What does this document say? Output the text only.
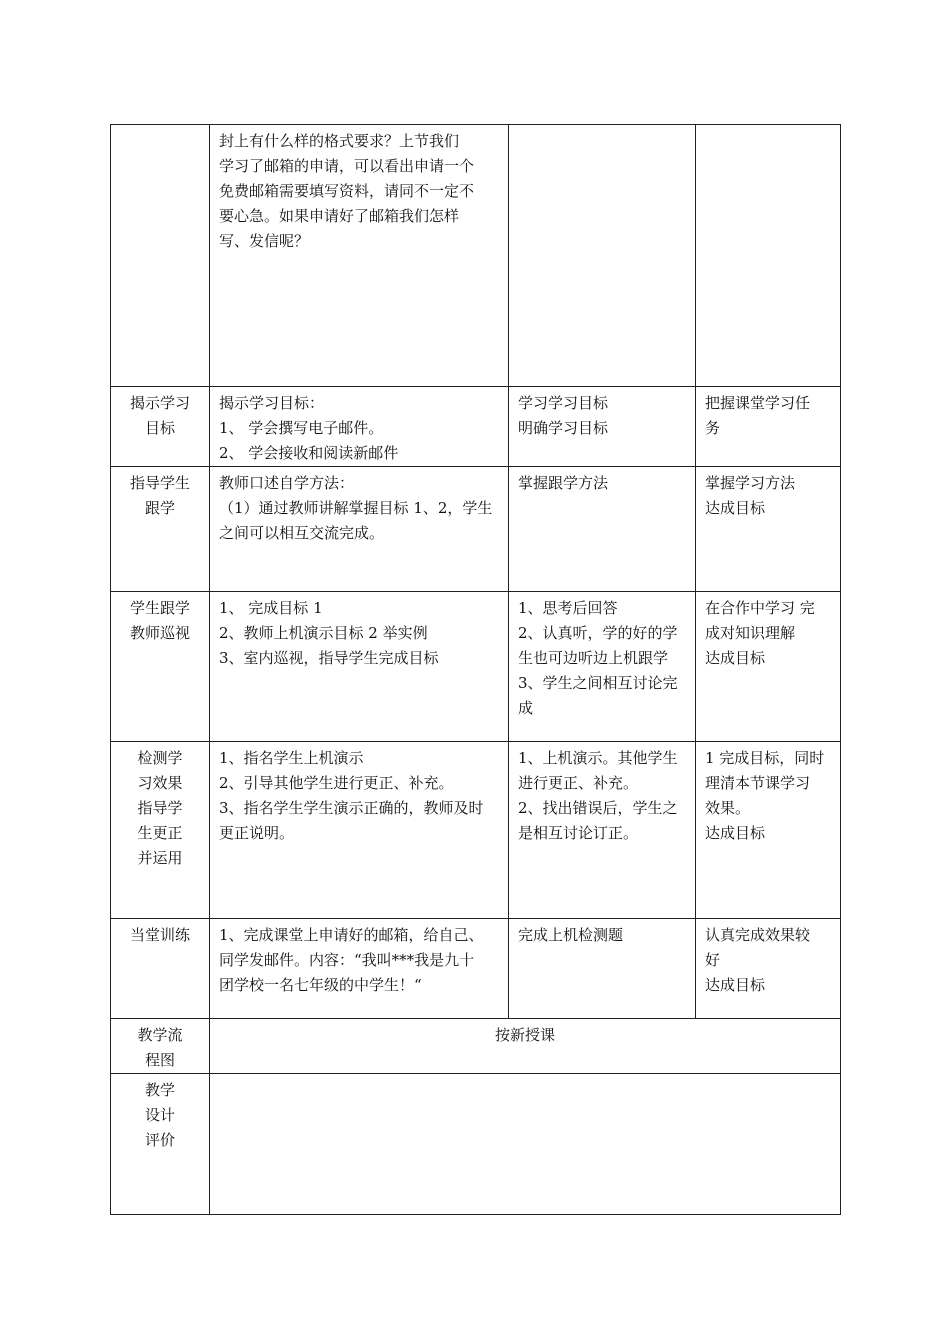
	封上有什么样的格式要求？上节我们
学习了邮箱的申请，可以看出申请一个
免费邮箱需要填写资料，请同不一定不
要心急。如果申请好了邮箱我们怎样
写、发信呢？		

揭示学习
目标	揭示学习目标：
1、 学会撰写电子邮件。
2、 学会接收和阅读新邮件	学习学习目标
明确学习目标	把握课堂学习任
务

指导学生
跟学	教师口述自学方法：
（1）通过教师讲解掌握目标 1、2，学生
之间可以相互交流完成。	掌握跟学方法	掌握学习方法
达成目标

学生跟学
教师巡视	1、 完成目标 1
2、教师上机演示目标 2 举实例
3、室内巡视，指导学生完成目标	1、思考后回答
2、认真听，学的好的学
生也可边听边上机跟学
3、学生之间相互讨论完
成	在合作中学习 完
成对知识理解
达成目标

检测学
习效果
指导学
生更正
并运用	1、指名学生上机演示
2、引导其他学生进行更正、补充。
3、指名学生学生演示正确的，教师及时
更正说明。	1、上机演示。其他学生
进行更正、补充。
2、找出错误后，学生之
是相互讨论订正。	1 完成目标，同时
理清本节课学习
效果。
达成目标

当堂训练	1、完成课堂上申请好的邮箱，给自己、
同学发邮件。内容：“我叫***我是九十
团学校一名七年级的中学生！“	完成上机检测题	认真完成效果较
好
达成目标

教学流
程图	按新授课		

教学
设计
评价			
